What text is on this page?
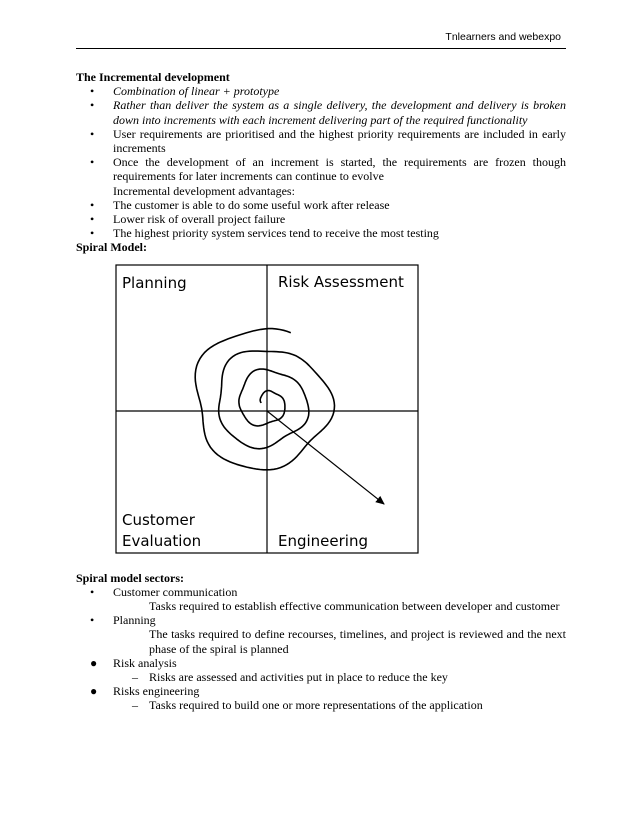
Tnlearners and webexpo

The Incremental development

• Combination of linear + prototype
• Rather than deliver the system as a single delivery, the development and delivery is broken down into increments with each increment delivering part of the required functionality
• User requirements are prioritised and the highest priority requirements are included in early increments
• Once the development of an increment is started, the requirements are frozen though requirements for later increments can continue to evolve
Incremental development advantages:
• The customer is able to do some useful work after release
• Lower risk of overall project failure
• The highest priority system services tend to receive the most testing

Spiral Model:

Planning	Risk Assessment
Customer
Evaluation	Engineering

Spiral model sectors:

• Customer communication
Tasks required to establish effective communication between developer and customer
• Planning
The tasks required to define recourses, timelines, and project is reviewed and the next phase of the spiral is planned
● Risk analysis
– Risks are assessed and activities put in place to reduce the key
● Risks engineering
– Tasks required to build one or more representations of the application
